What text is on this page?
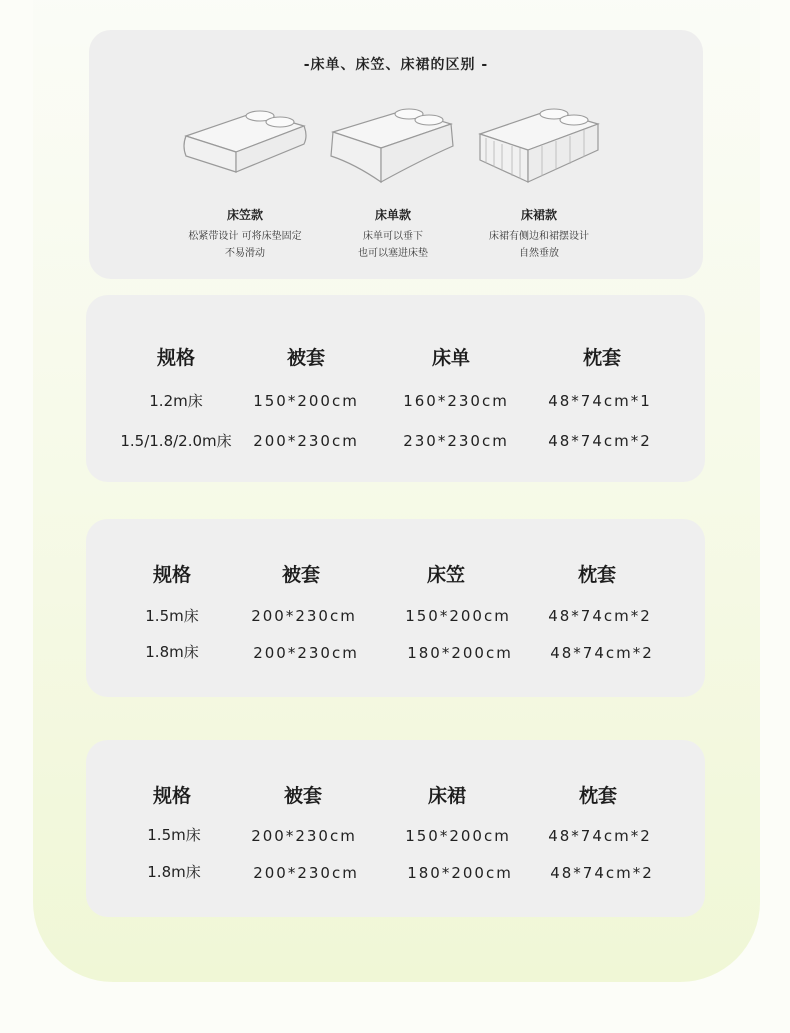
-床单、床笠、床裙的区别 -
床笠款
松紧带设计 可将床垫固定
不易滑动
床单款
床单可以垂下
也可以塞进床垫
床裙款
床裙有侧边和裙摆设计
自然垂放
规格	被套	床单	枕套
1.2m床	150*200cm	160*230cm	48*74cm*1
1.5/1.8/2.0m床	200*230cm	230*230cm	48*74cm*2
规格	被套	床笠	枕套
1.5m床	200*230cm	150*200cm	48*74cm*2
1.8m床	200*230cm	180*200cm	48*74cm*2
规格	被套	床裙	枕套
1.5m床	200*230cm	150*200cm	48*74cm*2
1.8m床	200*230cm	180*200cm	48*74cm*2
